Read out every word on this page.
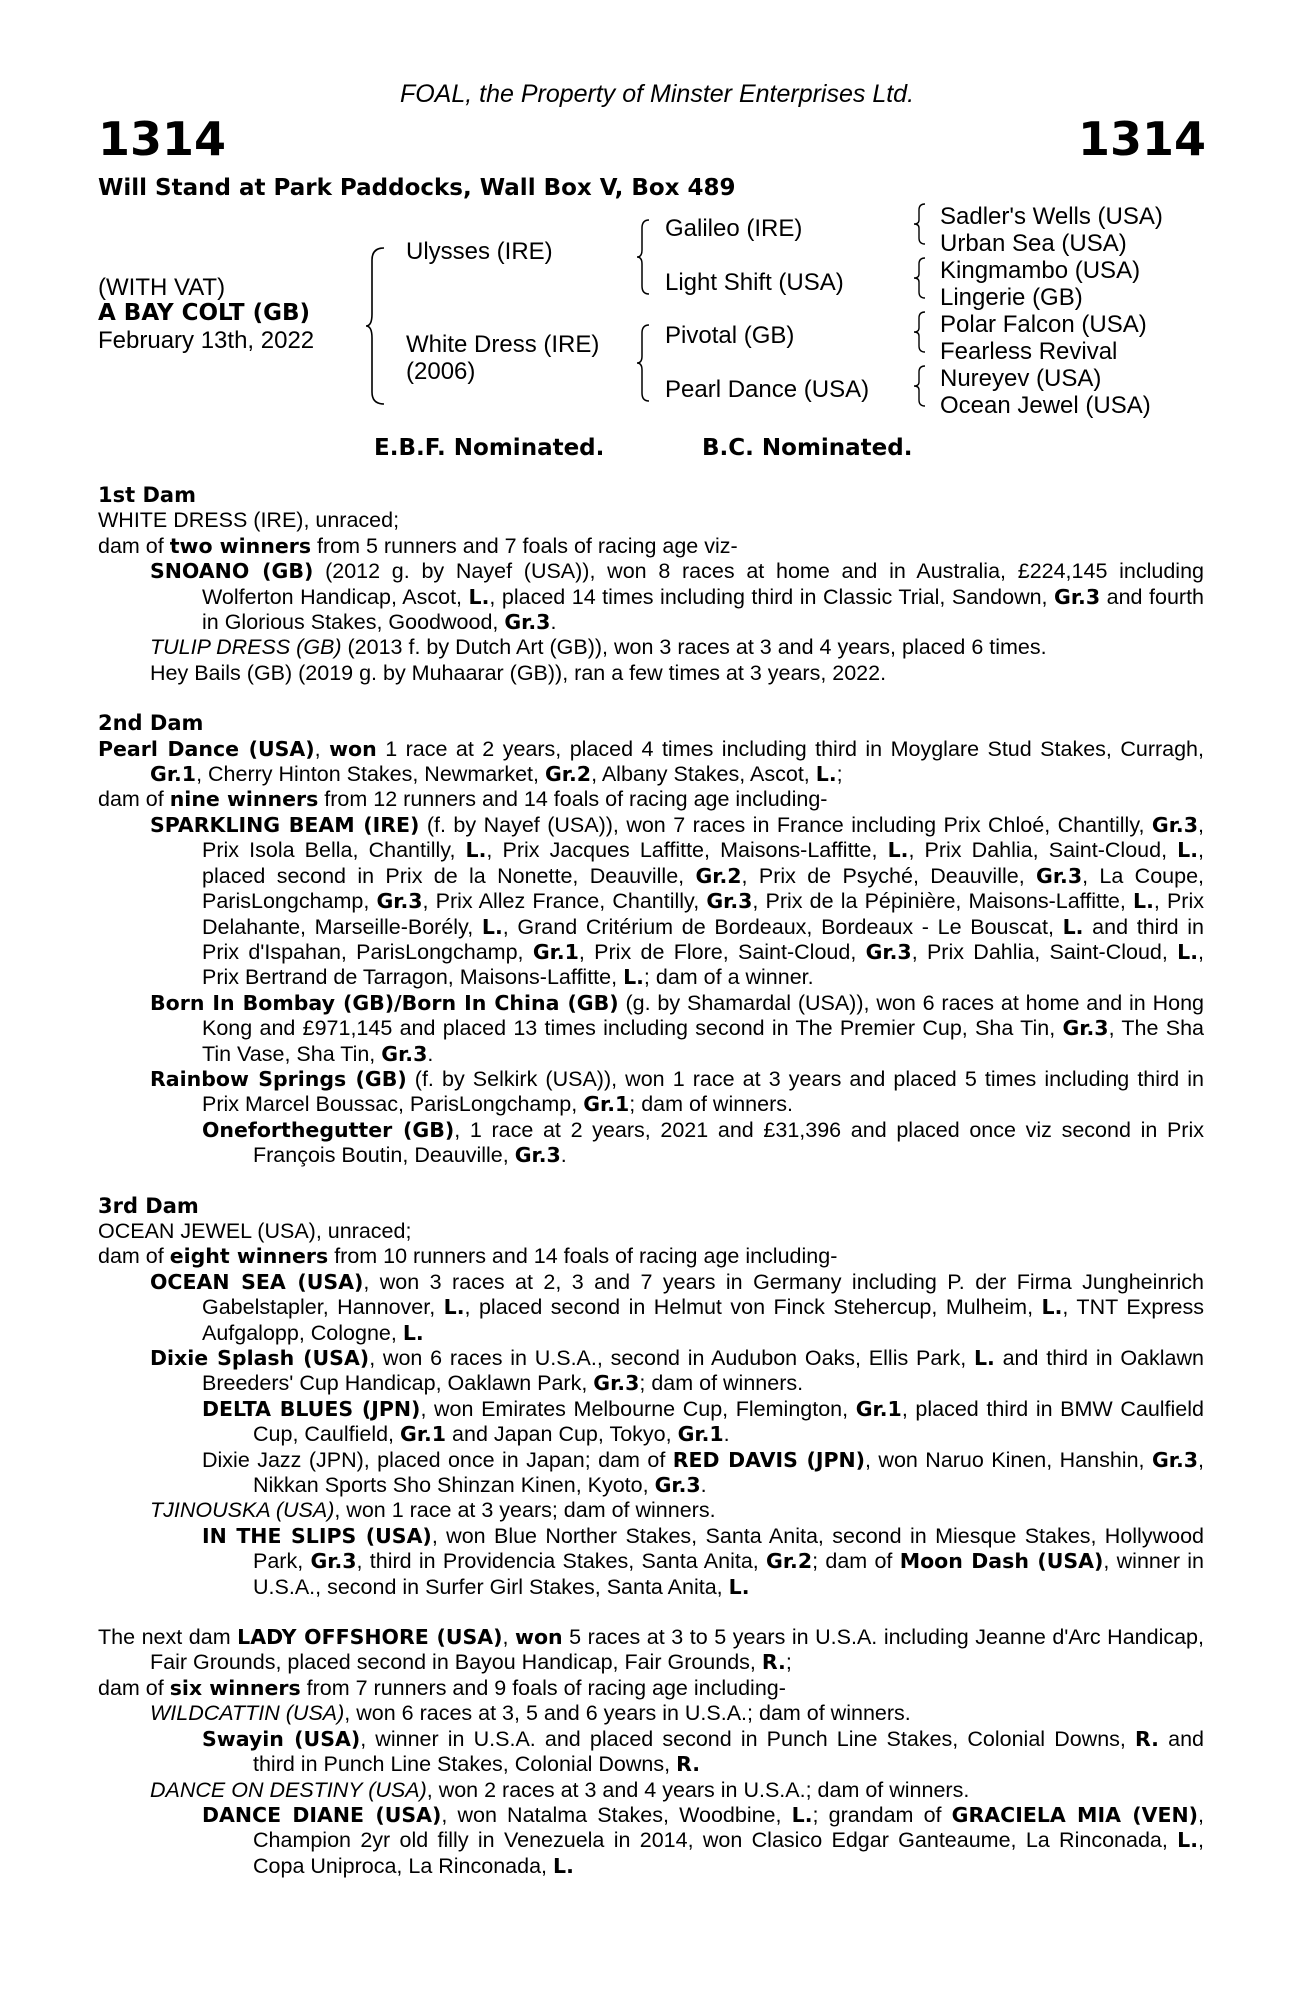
FOAL, the Property of Minster Enterprises Ltd.
1314	1314
Will Stand at Park Paddocks, Wall Box V, Box 489
(WITH VAT)
A BAY COLT (GB)
February 13th, 2022
Ulysses (IRE)
White Dress (IRE)
(2006)
Galileo (IRE)
Light Shift (USA)
Pivotal (GB)
Pearl Dance (USA)
Sadler's Wells (USA)
Urban Sea (USA)
Kingmambo (USA)
Lingerie (GB)
Polar Falcon (USA)
Fearless Revival
Nureyev (USA)
Ocean Jewel (USA)
E.B.F. Nominated.	B.C. Nominated.
1st Dam
WHITE DRESS (IRE), unraced;
dam of two winners from 5 runners and 7 foals of racing age viz-
SNOANO (GB) (2012 g. by Nayef (USA)), won 8 races at home and in Australia, £224,145 including Wolferton Handicap, Ascot, L., placed 14 times including third in Classic Trial, Sandown, Gr.3 and fourth in Glorious Stakes, Goodwood, Gr.3.
TULIP DRESS (GB) (2013 f. by Dutch Art (GB)), won 3 races at 3 and 4 years, placed 6 times.
Hey Bails (GB) (2019 g. by Muhaarar (GB)), ran a few times at 3 years, 2022.
2nd Dam
Pearl Dance (USA), won 1 race at 2 years, placed 4 times including third in Moyglare Stud Stakes, Curragh, Gr.1, Cherry Hinton Stakes, Newmarket, Gr.2, Albany Stakes, Ascot, L.;
dam of nine winners from 12 runners and 14 foals of racing age including-
SPARKLING BEAM (IRE) (f. by Nayef (USA)), won 7 races in France including Prix Chloé, Chantilly, Gr.3, Prix Isola Bella, Chantilly, L., Prix Jacques Laffitte, Maisons-Laffitte, L., Prix Dahlia, Saint-Cloud, L., placed second in Prix de la Nonette, Deauville, Gr.2, Prix de Psyché, Deauville, Gr.3, La Coupe, ParisLongchamp, Gr.3, Prix Allez France, Chantilly, Gr.3, Prix de la Pépinière, Maisons-Laffitte, L., Prix Delahante, Marseille-Borély, L., Grand Critérium de Bordeaux, Bordeaux - Le Bouscat, L. and third in Prix d'Ispahan, ParisLongchamp, Gr.1, Prix de Flore, Saint-Cloud, Gr.3, Prix Dahlia, Saint-Cloud, L., Prix Bertrand de Tarragon, Maisons-Laffitte, L.; dam of a winner.
Born In Bombay (GB)/Born In China (GB) (g. by Shamardal (USA)), won 6 races at home and in Hong Kong and £971,145 and placed 13 times including second in The Premier Cup, Sha Tin, Gr.3, The Sha Tin Vase, Sha Tin, Gr.3.
Rainbow Springs (GB) (f. by Selkirk (USA)), won 1 race at 3 years and placed 5 times including third in Prix Marcel Boussac, ParisLongchamp, Gr.1; dam of winners.
Oneforthegutter (GB), 1 race at 2 years, 2021 and £31,396 and placed once viz second in Prix François Boutin, Deauville, Gr.3.
3rd Dam
OCEAN JEWEL (USA), unraced;
dam of eight winners from 10 runners and 14 foals of racing age including-
OCEAN SEA (USA), won 3 races at 2, 3 and 7 years in Germany including P. der Firma Jungheinrich Gabelstapler, Hannover, L., placed second in Helmut von Finck Stehercup, Mulheim, L., TNT Express Aufgalopp, Cologne, L.
Dixie Splash (USA), won 6 races in U.S.A., second in Audubon Oaks, Ellis Park, L. and third in Oaklawn Breeders' Cup Handicap, Oaklawn Park, Gr.3; dam of winners.
DELTA BLUES (JPN), won Emirates Melbourne Cup, Flemington, Gr.1, placed third in BMW Caulfield Cup, Caulfield, Gr.1 and Japan Cup, Tokyo, Gr.1.
Dixie Jazz (JPN), placed once in Japan; dam of RED DAVIS (JPN), won Naruo Kinen, Hanshin, Gr.3, Nikkan Sports Sho Shinzan Kinen, Kyoto, Gr.3.
TJINOUSKA (USA), won 1 race at 3 years; dam of winners.
IN THE SLIPS (USA), won Blue Norther Stakes, Santa Anita, second in Miesque Stakes, Hollywood Park, Gr.3, third in Providencia Stakes, Santa Anita, Gr.2; dam of Moon Dash (USA), winner in U.S.A., second in Surfer Girl Stakes, Santa Anita, L.
The next dam LADY OFFSHORE (USA), won 5 races at 3 to 5 years in U.S.A. including Jeanne d'Arc Handicap, Fair Grounds, placed second in Bayou Handicap, Fair Grounds, R.;
dam of six winners from 7 runners and 9 foals of racing age including-
WILDCATTIN (USA), won 6 races at 3, 5 and 6 years in U.S.A.; dam of winners.
Swayin (USA), winner in U.S.A. and placed second in Punch Line Stakes, Colonial Downs, R. and third in Punch Line Stakes, Colonial Downs, R.
DANCE ON DESTINY (USA), won 2 races at 3 and 4 years in U.S.A.; dam of winners.
DANCE DIANE (USA), won Natalma Stakes, Woodbine, L.; grandam of GRACIELA MIA (VEN), Champion 2yr old filly in Venezuela in 2014, won Clasico Edgar Ganteaume, La Rinconada, L., Copa Uniproca, La Rinconada, L.
